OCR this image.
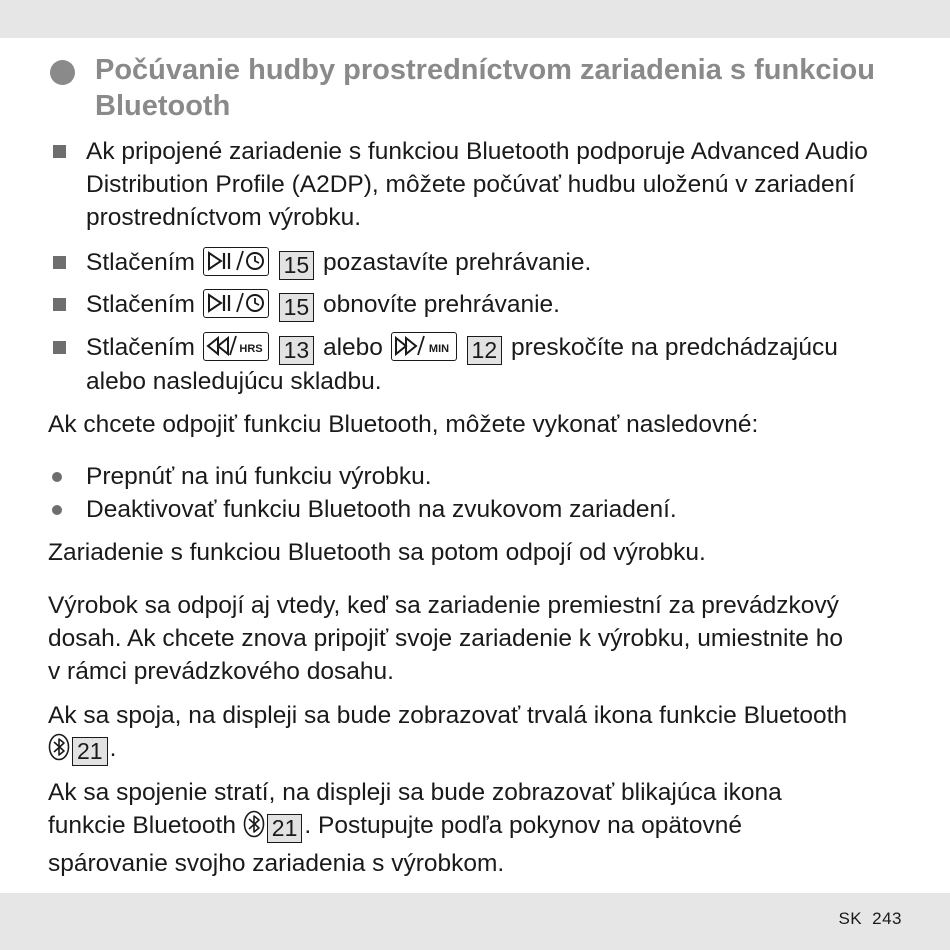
Počúvanie hudby prostredníctvom zariadenia s funkciou Bluetooth
Ak pripojené zariadenie s funkciou Bluetooth podporuje Advanced Audio Distribution Profile (A2DP), môžete počúvať hudbu uloženú v zariadení prostredníctvom výrobku.
Stlačením	15 pozastavíte prehrávanie.
Stlačením	15 obnovíte prehrávanie.
Stlačením	HRS 13 alebo	MIN 12 preskočíte na predchádzajúcu
alebo nasledujúcu skladbu.
Ak chcete odpojiť funkciu Bluetooth, môžete vykonať nasledovné:
Prepnúť na inú funkciu výrobku.
Deaktivovať funkciu Bluetooth na zvukovom zariadení.
Zariadenie s funkciou Bluetooth sa potom odpojí od výrobku.
Výrobok sa odpojí aj vtedy, keď sa zariadenie premiestní za prevádzkový
dosah. Ak chcete znova pripojiť svoje zariadenie k výrobku, umiestnite ho
v rámci prevádzkového dosahu.
Ak sa spoja, na displeji sa bude zobrazovať trvalá ikona funkcie Bluetooth
21 .
Ak sa spojenie stratí, na displeji sa bude zobrazovať blikajúca ikona
funkcie Bluetooth 21 . Postupujte podľa pokynov na opätovné
spárovanie svojho zariadenia s výrobkom.
SK 243
